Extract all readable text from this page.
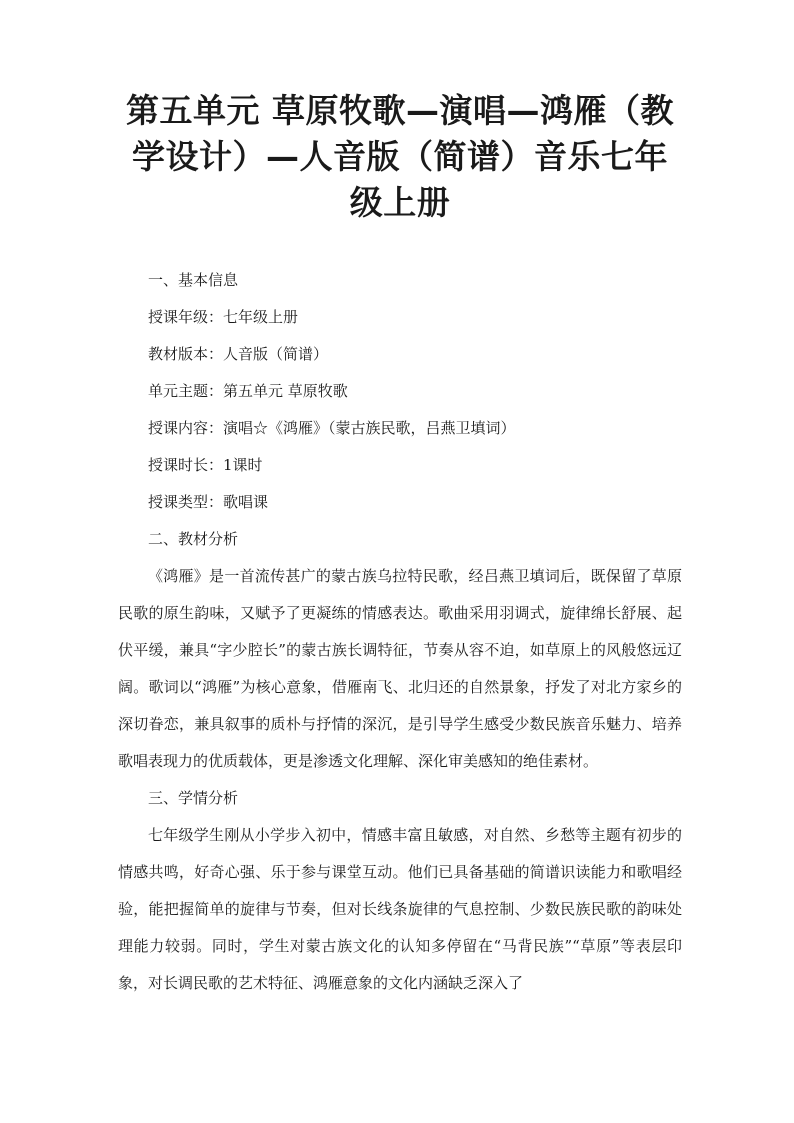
第五单元 草原牧歌—演唱—鸿雁（教学设计）—人音版（简谱）音乐七年级上册

一、基本信息

授课年级：七年级上册

教材版本：人音版（简谱）

单元主题：第五单元 草原牧歌

授课内容：演唱☆《鸿雁》（蒙古族民歌，吕燕卫填词）

授课时长：1课时

授课类型：歌唱课

二、教材分析

《鸿雁》是一首流传甚广的蒙古族乌拉特民歌，经吕燕卫填词后，既保留了草原民歌的原生韵味，又赋予了更凝练的情感表达。歌曲采用羽调式，旋律绵长舒展、起伏平缓，兼具“字少腔长”的蒙古族长调特征，节奏从容不迫，如草原上的风般悠远辽阔。歌词以“鸿雁”为核心意象，借雁南飞、北归还的自然景象，抒发了对北方家乡的深切眷恋，兼具叙事的质朴与抒情的深沉，是引导学生感受少数民族音乐魅力、培养歌唱表现力的优质载体，更是渗透文化理解、深化审美感知的绝佳素材。

三、学情分析

七年级学生刚从小学步入初中，情感丰富且敏感，对自然、乡愁等主题有初步的情感共鸣，好奇心强、乐于参与课堂互动。他们已具备基础的简谱识读能力和歌唱经验，能把握简单的旋律与节奏，但对长线条旋律的气息控制、少数民族民歌的韵味处理能力较弱。同时，学生对蒙古族文化的认知多停留在“马背民族”“草原”等表层印象，对长调民歌的艺术特征、鸿雁意象的文化内涵缺乏深入了
